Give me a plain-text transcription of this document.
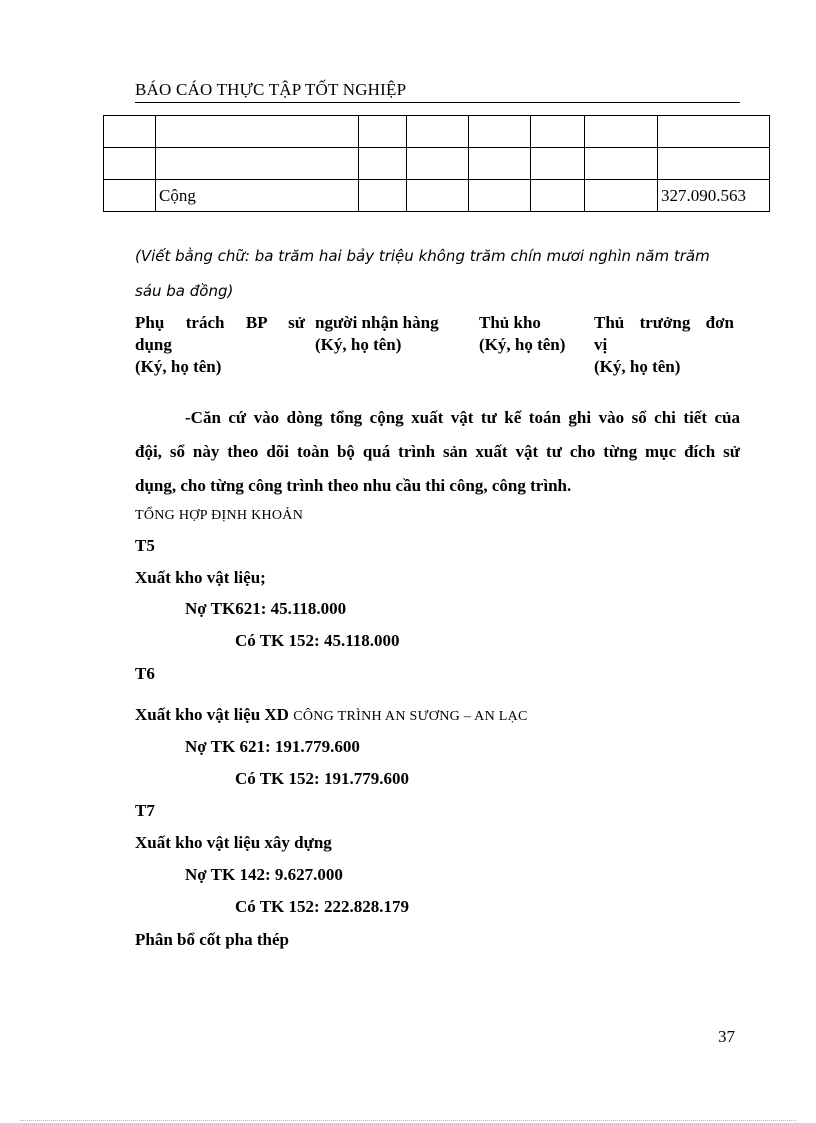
BÁO CÁO THỰC TẬP TỐT NGHIỆP

	Cộng						327.090.563
(Viết bằng chữ: ba trăm hai bảy triệu không trăm chín mươi nghìn năm trăm
sáu ba đồng)
Phụ trách BP sử
dụng
(Ký, họ tên)
người nhận hàng
(Ký, họ tên)
Thủ kho
(Ký, họ tên)
Thủ trưởng đơn
vị
(Ký, họ tên)
-Căn cứ vào dòng tổng cộng xuất vật tư kế toán ghi vào sổ chi tiết của
đội, sổ này theo dõi toàn bộ quá trình sản xuất vật tư cho từng mục đích sử
dụng, cho từng công trình theo nhu cầu thi công, công trình.
TỔNG HỢP ĐỊNH KHOẢN
T5
Xuất kho vật liệu;
Nợ TK621: 45.118.000
Có TK 152: 45.118.000
T6
Xuất kho vật liệu XD CÔNG TRÌNH AN SƯƠNG – AN LẠC
Nợ TK 621: 191.779.600
Có TK 152: 191.779.600
T7
Xuất kho vật liệu xây dựng
Nợ TK 142: 9.627.000
Có TK 152: 222.828.179
Phân bổ cốt pha thép
37
